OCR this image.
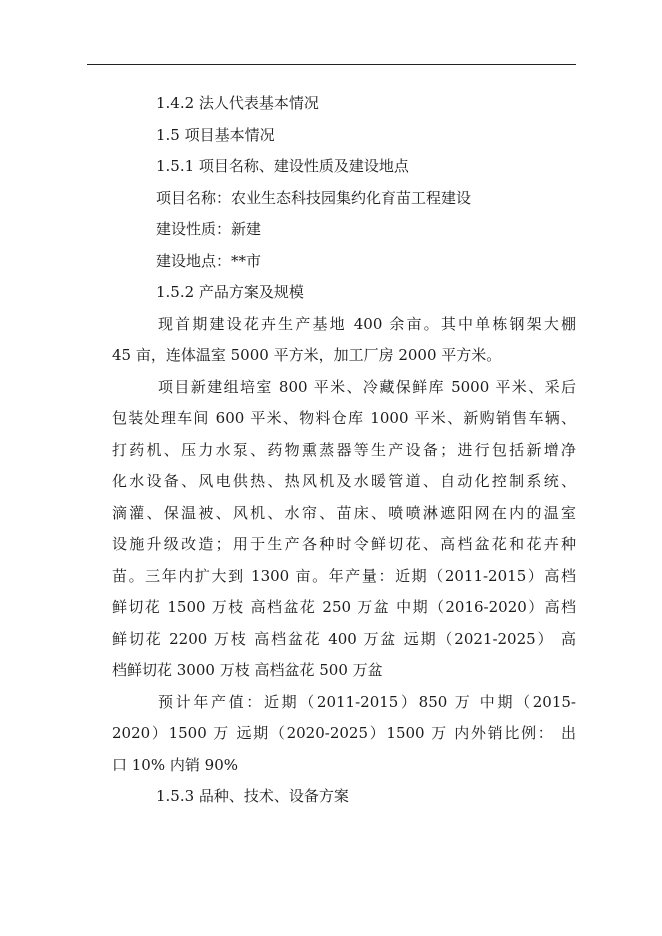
1.4.2 法人代表基本情况
1.5 项目基本情况
1.5.1 项目名称、建设性质及建设地点
项目名称：农业生态科技园集约化育苗工程建设
建设性质：新建
建设地点：**市
1.5.2 产品方案及规模
现首期建设花卉生产基地 400 余亩。其中单栋钢架大棚
45 亩，连体温室 5000 平方米，加工厂房 2000 平方米。
项目新建组培室 800 平米、冷藏保鲜库 5000 平米、采后
包装处理车间 600 平米、物料仓库 1000 平米、新购销售车辆、
打药机、压力水泵、药物熏蒸器等生产设备；进行包括新增净
化水设备、风电供热、热风机及水暖管道、自动化控制系统、
滴灌、保温被、风机、水帘、苗床、喷喷淋遮阳网在内的温室
设施升级改造；用于生产各种时令鲜切花、高档盆花和花卉种
苗。三年内扩大到 1300 亩。年产量：近期（2011-2015）高档
鲜切花 1500 万枝 高档盆花 250 万盆 中期（2016-2020）高档
鲜切花 2200 万枝 高档盆花 400 万盆 远期（2021-2025） 高
档鲜切花 3000 万枝 高档盆花 500 万盆
预计年产值：近期（2011-2015）850 万 中期（2015-
2020）1500 万 远期（2020-2025）1500 万 内外销比例： 出
口 10% 内销 90%
1.5.3 品种、技术、设备方案
